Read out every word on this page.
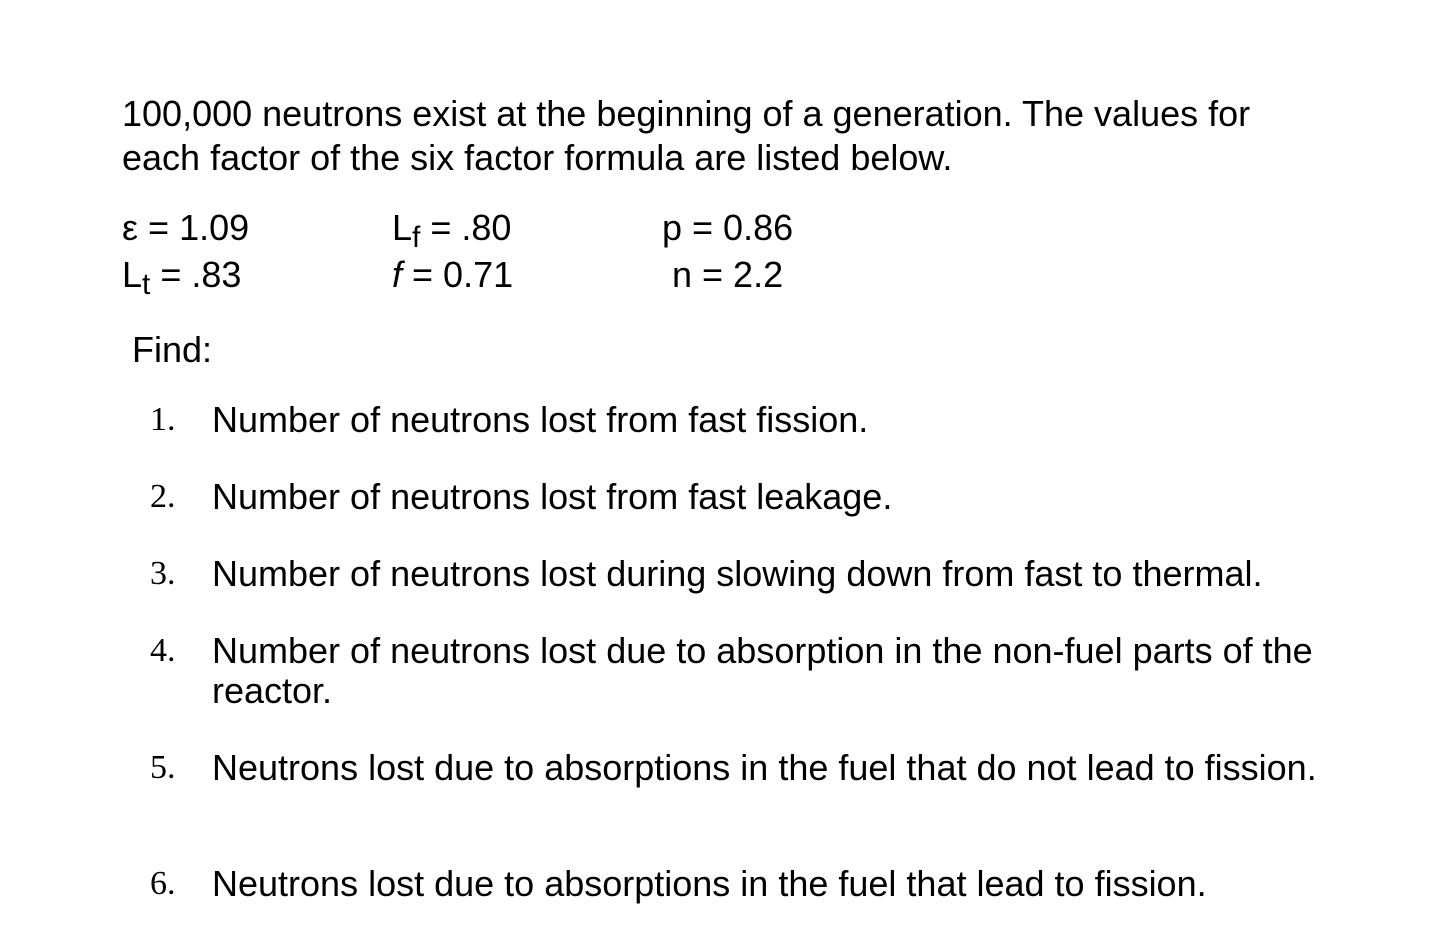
100,000 neutrons exist at the beginning of a generation. The values for each factor of the six factor formula are listed below.

ε = 1.09	Lf = .80	p = 0.86
Lt = .83	f = 0.71	n = 2.2
Find:
1. Number of neutrons lost from fast fission.
2. Number of neutrons lost from fast leakage.
3. Number of neutrons lost during slowing down from fast to thermal.
4. Number of neutrons lost due to absorption in the non-fuel parts of the reactor.
5. Neutrons lost due to absorptions in the fuel that do not lead to fission.
6. Neutrons lost due to absorptions in the fuel that lead to fission.
